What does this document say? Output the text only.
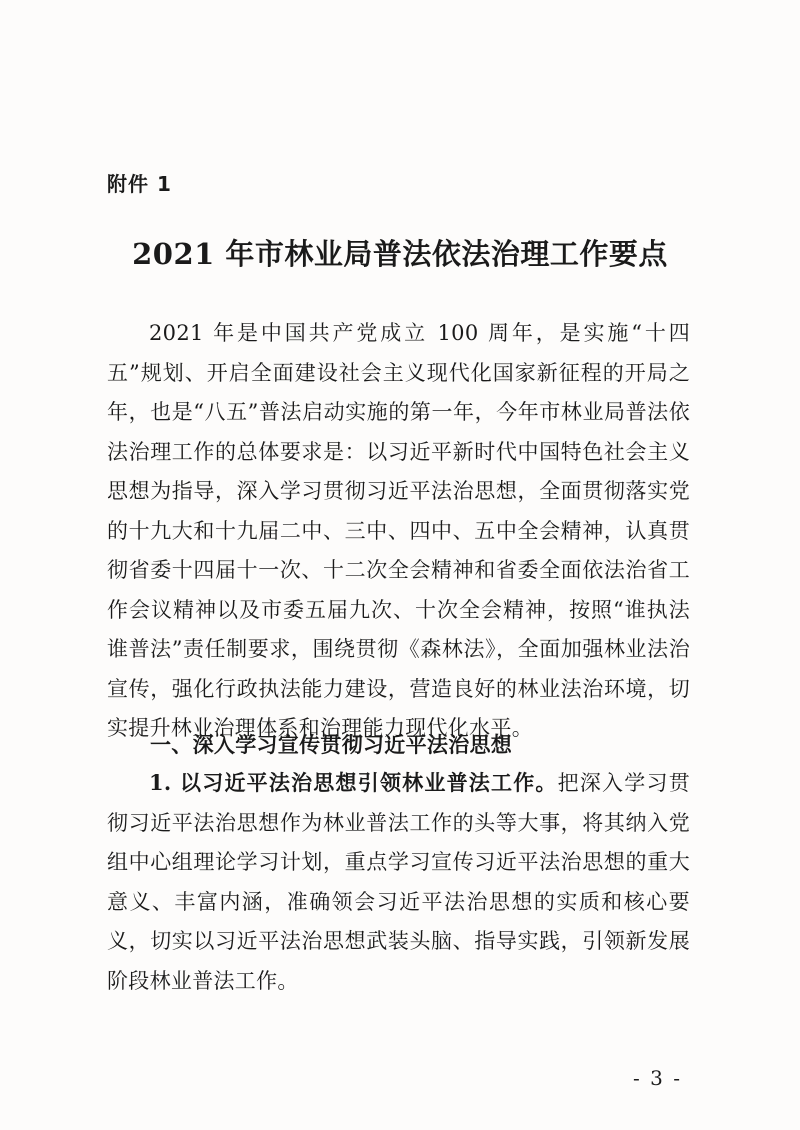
附件 1
2021 年市林业局普法依法治理工作要点
2021 年是中国共产党成立 100 周年，是实施“十四五”规划、开启全面建设社会主义现代化国家新征程的开局之年，也是“八五”普法启动实施的第一年，今年市林业局普法依法治理工作的总体要求是：以习近平新时代中国特色社会主义思想为指导，深入学习贯彻习近平法治思想，全面贯彻落实党的十九大和十九届二中、三中、四中、五中全会精神，认真贯彻省委十四届十一次、十二次全会精神和省委全面依法治省工作会议精神以及市委五届九次、十次全会精神，按照“谁执法谁普法”责任制要求，围绕贯彻《森林法》，全面加强林业法治宣传，强化行政执法能力建设，营造良好的林业法治环境，切实提升林业治理体系和治理能力现代化水平。
一、深入学习宣传贯彻习近平法治思想
1. 以习近平法治思想引领林业普法工作。把深入学习贯彻习近平法治思想作为林业普法工作的头等大事，将其纳入党组中心组理论学习计划，重点学习宣传习近平法治思想的重大意义、丰富内涵，准确领会习近平法治思想的实质和核心要义，切实以习近平法治思想武装头脑、指导实践，引领新发展阶段林业普法工作。
- 3 -
